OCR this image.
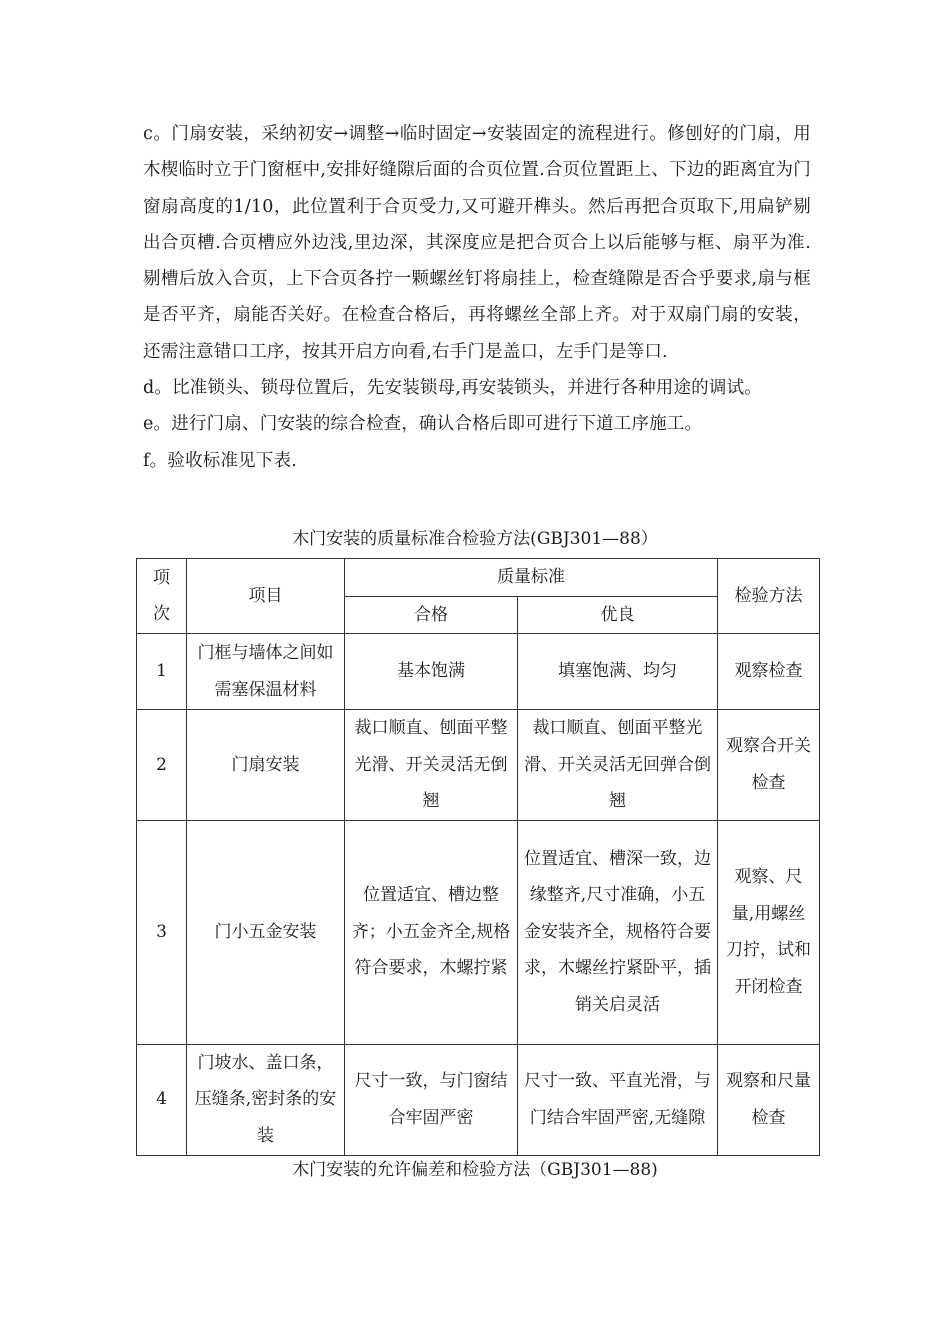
c。门扇安装，采纳初安→调整→临时固定→安装固定的流程进行。修刨好的门扇，用木楔临时立于门窗框中,安排好缝隙后面的合页位置.合页位置距上、下边的距离宜为门窗扇高度的1/10，此位置利于合页受力,又可避开榫头。然后再把合页取下,用扁铲剔出合页槽.合页槽应外边浅,里边深，其深度应是把合页合上以后能够与框、扇平为准.剔槽后放入合页，上下合页各拧一颗螺丝钉将扇挂上，检查缝隙是否合乎要求,扇与框是否平齐，扇能否关好。在检查合格后，再将螺丝全部上齐。对于双扇门扇的安装，还需注意错口工序，按其开启方向看,右手门是盖口，左手门是等口.

d。比准锁头、锁母位置后，先安装锁母,再安装锁头，并进行各种用途的调试。

e。进行门扇、门安装的综合检查，确认合格后即可进行下道工序施工。

f。验收标准见下表.

木门安装的质量标准合检验方法(GBJ301—88）
项次	项目	质量标准		检验方法
		合格	优良	
1	门框与墙体之间如需塞保温材料	基本饱满	填塞饱满、均匀	观察检查
2	门扇安装	裁口顺直、刨面平整光滑、开关灵活无倒翘	裁口顺直、刨面平整光滑、开关灵活无回弹合倒翘	观察合开关检查
3	门小五金安装	位置适宜、槽边整齐；小五金齐全,规格符合要求，木螺拧紧	位置适宜、槽深一致，边缘整齐,尺寸准确，小五金安装齐全，规格符合要求，木螺丝拧紧卧平，插销关启灵活	观察、尺量,用螺丝刀拧，试和开闭检查
4	门坡水、盖口条，压缝条,密封条的安装	尺寸一致，与门窗结合牢固严密	尺寸一致、平直光滑，与门结合牢固严密,无缝隙	观察和尺量检查
木门安装的允许偏差和检验方法（GBJ301—88)
